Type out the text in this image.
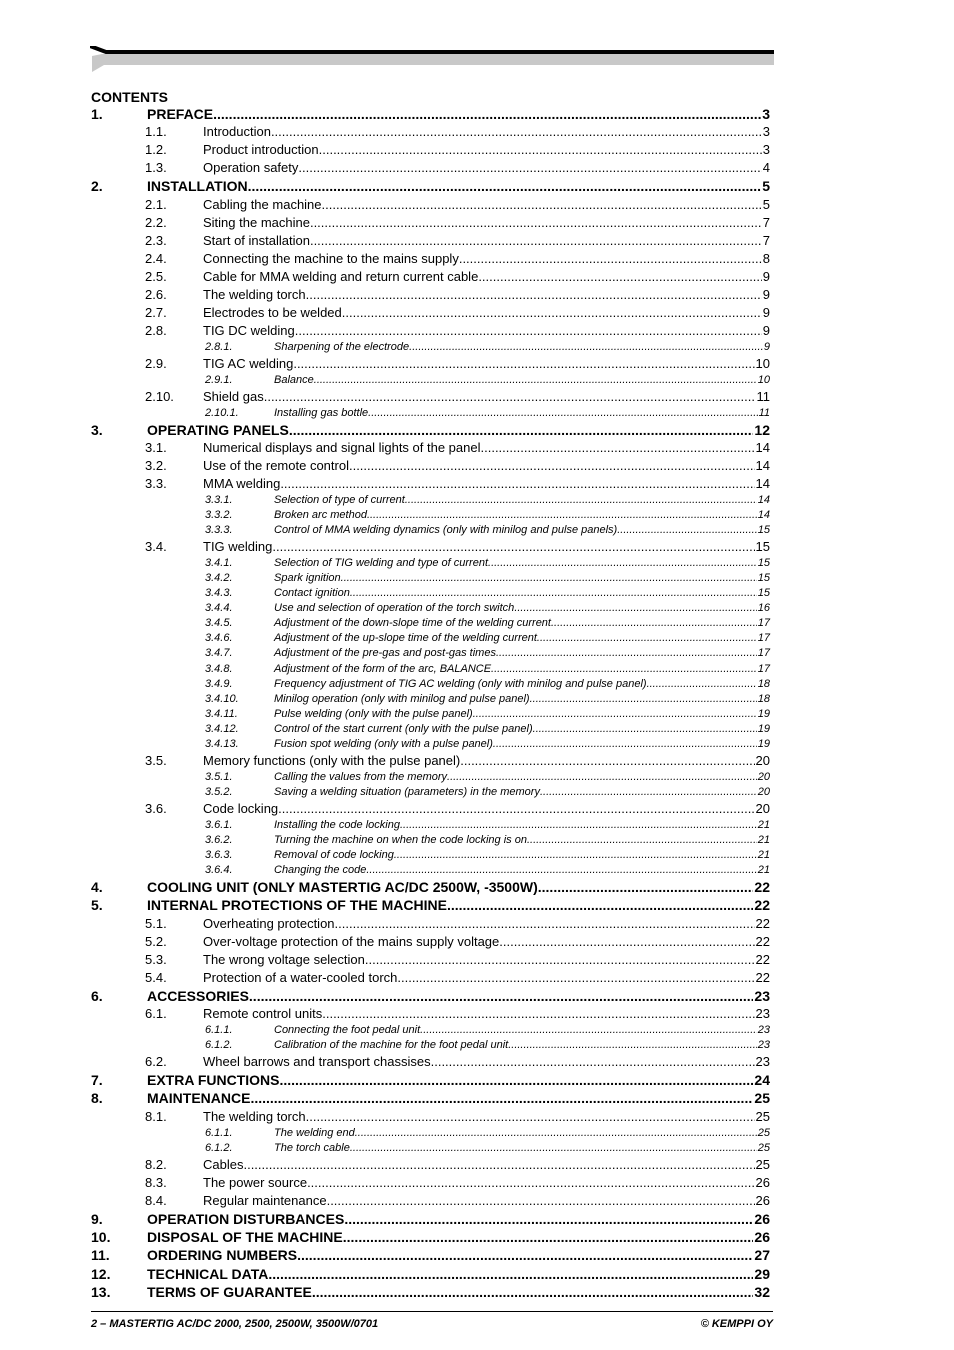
CONTENTS
1.	PREFACE .....	3
1.1.	Introduction .....	3
1.2.	Product introduction .....	3
1.3.	Operation safety .....	4
2.	INSTALLATION .....	5
2.1.	Cabling the machine .....	5
2.2.	Siting the machine .....	7
2.3.	Start of installation .....	7
2.4.	Connecting the machine to the mains supply .....	8
2.5.	Cable for MMA welding and return current cable .....	9
2.6.	The welding torch .....	9
2.7.	Electrodes to be welded .....	9
2.8.	TIG DC welding .....	9
2.8.1.	Sharpening of the electrode .....	9
2.9.	TIG AC welding .....	10
2.9.1.	Balance .....	10
2.10.	Shield gas .....	11
2.10.1.	Installing gas bottle .....	11
3.	OPERATING PANELS .....	12
3.1.	Numerical displays and signal lights of the panel .....	14
3.2.	Use of the remote control .....	14
3.3.	MMA welding .....	14
3.3.1.	Selection of type of current .....	14
3.3.2.	Broken arc method .....	14
3.3.3.	Control of MMA welding dynamics (only with minilog and pulse panels) .....	15
3.4.	TIG welding .....	15
3.4.1.	Selection of TIG welding and type of current .....	15
3.4.2.	Spark ignition .....	15
3.4.3.	Contact ignition .....	15
3.4.4.	Use and selection of operation of the torch switch .....	16
3.4.5.	Adjustment of the down-slope time of the welding current .....	17
3.4.6.	Adjustment of the up-slope time of the welding current .....	17
3.4.7.	Adjustment of the pre-gas and post-gas times .....	17
3.4.8.	Adjustment of the form of the arc, BALANCE .....	17
3.4.9.	Frequency adjustment of TIG AC welding (only with minilog and pulse panel) .....	18
3.4.10.	Minilog operation (only with minilog and pulse panel) .....	18
3.4.11.	Pulse welding (only with the pulse panel) .....	19
3.4.12.	Control of the start current (only with the pulse panel) .....	19
3.4.13.	Fusion spot welding (only with a pulse panel) .....	19
3.5.	Memory functions (only with the pulse panel) .....	20
3.5.1.	Calling the values from the memory .....	20
3.5.2.	Saving a welding situation (parameters) in the memory .....	20
3.6.	Code locking .....	20
3.6.1.	Installing the code locking .....	21
3.6.2.	Turning the machine on when the code locking is on .....	21
3.6.3.	Removal of code locking .....	21
3.6.4.	Changing the code .....	21
4.	COOLING UNIT (ONLY MASTERTIG AC/DC 2500W, -3500W) .....	22
5.	INTERNAL PROTECTIONS OF THE MACHINE .....	22
5.1.	Overheating protection .....	22
5.2.	Over-voltage protection of the mains supply voltage .....	22
5.3.	The wrong voltage selection .....	22
5.4.	Protection of a water-cooled torch .....	22
6.	ACCESSORIES .....	23
6.1.	Remote control units .....	23
6.1.1.	Connecting the foot pedal unit .....	23
6.1.2.	Calibration of the machine for the foot pedal unit .....	23
6.2.	Wheel barrows and transport chassises .....	23
7.	EXTRA FUNCTIONS .....	24
8.	MAINTENANCE .....	25
8.1.	The welding torch .....	25
6.1.1.	The welding end .....	25
6.1.2.	The torch cable .....	25
8.2.	Cables .....	25
8.3.	The power source .....	26
8.4.	Regular maintenance .....	26
9.	OPERATION DISTURBANCES .....	26
10.	DISPOSAL OF THE MACHINE .....	26
11.	ORDERING NUMBERS .....	27
12.	TECHNICAL DATA .....	29
13.	TERMS OF GUARANTEE .....	32
2 – MASTERTIG AC/DC 2000, 2500, 2500W, 3500W/0701	© KEMPPI OY
